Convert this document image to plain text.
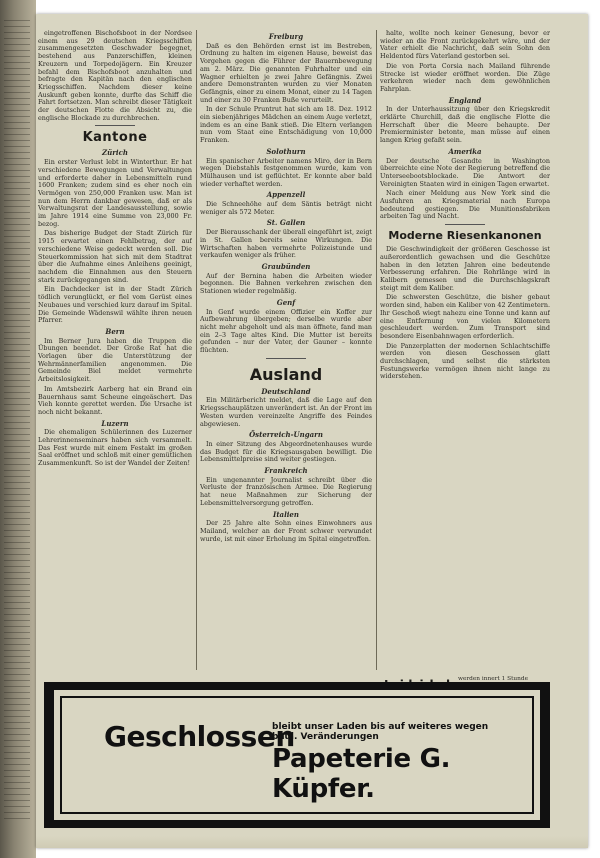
eingetroffenen Bischofsboot in der Nordsee einem aus 29 deutschen Kriegsschiffen zusammengesetzten Geschwader begegnet, bestehend aus Panzerschiffen, kleinen Kreuzern und Torpedojägern. Ein Kreuzer befahl dem Bischofsboot anzuhalten und befragte den Kapitän nach den englischen Kriegsschiffen. Nachdem dieser keine Auskunft geben konnte, durfte das Schiff die Fahrt fortsetzen. Man schreibt dieser Tätigkeit der deutschen Flotte die Absicht zu, die englische Blockade zu durchbrechen.

Kantone
Zürich

Ein erster Verlust lebt in Winterthur. Er hat verschiedene Bewegungen und Verwaltungen und erforderte daher in Lebensmitteln rund 1600 Franken; zudem sind es eher noch ein Vermögen von 250,000 Franken usw. Man ist nun dem Herrn dankbar gewesen, daß er als Verwaltungsrat der Landesausstellung, sowie im Jahre 1914 eine Summe von 23,000 Fr. bezog.

Das bisherige Budget der Stadt Zürich für 1915 erwartet einen Fehlbetrag, der auf verschiedene Weise gedeckt werden soll. Die Steuerkommission hat sich mit dem Stadtrat über die Aufnahme eines Anleihens geeinigt, nachdem die Einnahmen aus den Steuern stark zurückgegangen sind.

Ein Dachdecker ist in der Stadt Zürich tödlich verunglückt, er fiel vom Gerüst eines Neubaues und verschied kurz darauf im Spital. Die Gemeinde Wädenswil wählte ihren neuen Pfarrer.

Bern

Im Berner Jura haben die Truppen die Übungen beendet. Der Große Rat hat die Vorlagen über die Unterstützung der Wehrmännerfamilien angenommen. Die Gemeinde Biel meldet vermehrte Arbeitslosigkeit.

Im Amtsbezirk Aarberg hat ein Brand ein Bauernhaus samt Scheune eingeäschert. Das Vieh konnte gerettet werden. Die Ursache ist noch nicht bekannt.

Luzern

Die ehemaligen Schülerinnen des Luzerner Lehrerinnenseminars haben sich versammelt. Das Fest wurde mit einem Festakt im großen Saal eröffnet und schloß mit einer gemütlichen Zusammenkunft. So ist der Wandel der Zeiten!

Freiburg

Daß es den Behörden ernst ist im Bestreben, Ordnung zu halten im eigenen Hause, beweist das Vorgehen gegen die Führer der Bauernbewegung am 2. März. Die genannten Fuhrhalter und ein Wagner erhielten je zwei Jahre Gefängnis. Zwei andere Demonstranten wurden zu vier Monaten Gefängnis, einer zu einem Monat, einer zu 14 Tagen und einer zu 30 Franken Buße verurteilt.

In der Schule Pruntrut hat sich am 18. Dez. 1912 ein siebenjähriges Mädchen an einem Auge verletzt, indem es an eine Bank stieß. Die Eltern verlangen nun vom Staat eine Entschädigung von 10,000 Franken.

Solothurn

Ein spanischer Arbeiter namens Miro, der in Bern wegen Diebstahls festgenommen wurde, kam von Mülhausen und ist geflüchtet. Er konnte aber bald wieder verhaftet werden.

Appenzell

Die Schneehöhe auf dem Säntis beträgt nicht weniger als 572 Meter.

St. Gallen

Der Bierausschank der überall eingeführt ist, zeigt in St. Gallen bereits seine Wirkungen. Die Wirtschaften haben vermehrte Polizeistunde und verkaufen weniger als früher.

Graubünden

Auf der Bernina haben die Arbeiten wieder begonnen. Die Bahnen verkehren zwischen den Stationen wieder regelmäßig.

Genf

In Genf wurde einem Offizier ein Koffer zur Aufbewahrung übergeben; derselbe wurde aber nicht mehr abgeholt und als man öffnete, fand man ein 2–3 Tage altes Kind. Die Mutter ist bereits gefunden – nur der Vater, der Gauner – konnte flüchten.

Ausland
Deutschland

Ein Militärbericht meldet, daß die Lage auf den Kriegsschauplätzen unverändert ist. An der Front im Westen wurden vereinzelte Angriffe des Feindes abgewiesen.

Österreich-Ungarn

In einer Sitzung des Abgeordnetenhauses wurde das Budget für die Kriegsausgaben bewilligt. Die Lebensmittelpreise sind weiter gestiegen.

Frankreich

Ein ungenannter Journalist schreibt über die Verluste der französischen Armee. Die Regierung hat neue Maßnahmen zur Sicherung der Lebensmittelversorgung getroffen.

Italien

Der 25 Jahre alte Sohn eines Einwohners aus Mailand, welcher an der Front schwer verwundet wurde, ist mit einer Erholung im Spital eingetroffen.

halte, wollte noch keiner Genesung, bevor er wieder an die Front zurückgekehrt wäre, und der Vater erhielt die Nachricht, daß sein Sohn den Heldentod fürs Vaterland gestorben sei.

Die von Porta Corsia nach Mailand führende Strecke ist wieder eröffnet worden. Die Züge verkehren wieder nach dem gewöhnlichen Fahrplan.

England

In der Unterhaussitzung über den Kriegskredit erklärte Churchill, daß die englische Flotte die Herrschaft über die Meere behaupte. Der Premierminister betonte, man müsse auf einen langen Krieg gefaßt sein.

Amerika

Der deutsche Gesandte in Washington überreichte eine Note der Regierung betreffend die Unterseebootsblockade. Die Antwort der Vereinigten Staaten wird in einigen Tagen erwartet.

Nach einer Meldung aus New York sind die Ausfuhren an Kriegsmaterial nach Europa bedeutend gestiegen. Die Munitionsfabriken arbeiten Tag und Nacht.

Moderne Riesenkanonen

Die Geschwindigkeit der größeren Geschosse ist außerordentlich gewachsen und die Geschütze haben in den letzten Jahren eine bedeutende Verbesserung erfahren. Die Rohrlänge wird in Kalibern gemessen und die Durchschlagskraft steigt mit dem Kaliber.

Die schwersten Geschütze, die bisher gebaut worden sind, haben ein Kaliber von 42 Zentimetern. Ihr Geschoß wiegt nahezu eine Tonne und kann auf eine Entfernung von vielen Kilometern geschleudert werden. Zum Transport sind besondere Eisenbahnwagen erforderlich.

Die Panzerplatten der modernen Schlachtschiffe werden von diesen Geschossen glatt durchschlagen, und selbst die stärksten Festungswerke vermögen ihnen nicht lange zu widerstehen.

werden innert 1 Stunde
Geschlossen
bleibt unser Laden bis auf weiteres wegen baul. Veränderungen
Papeterie G. Küpfer.
